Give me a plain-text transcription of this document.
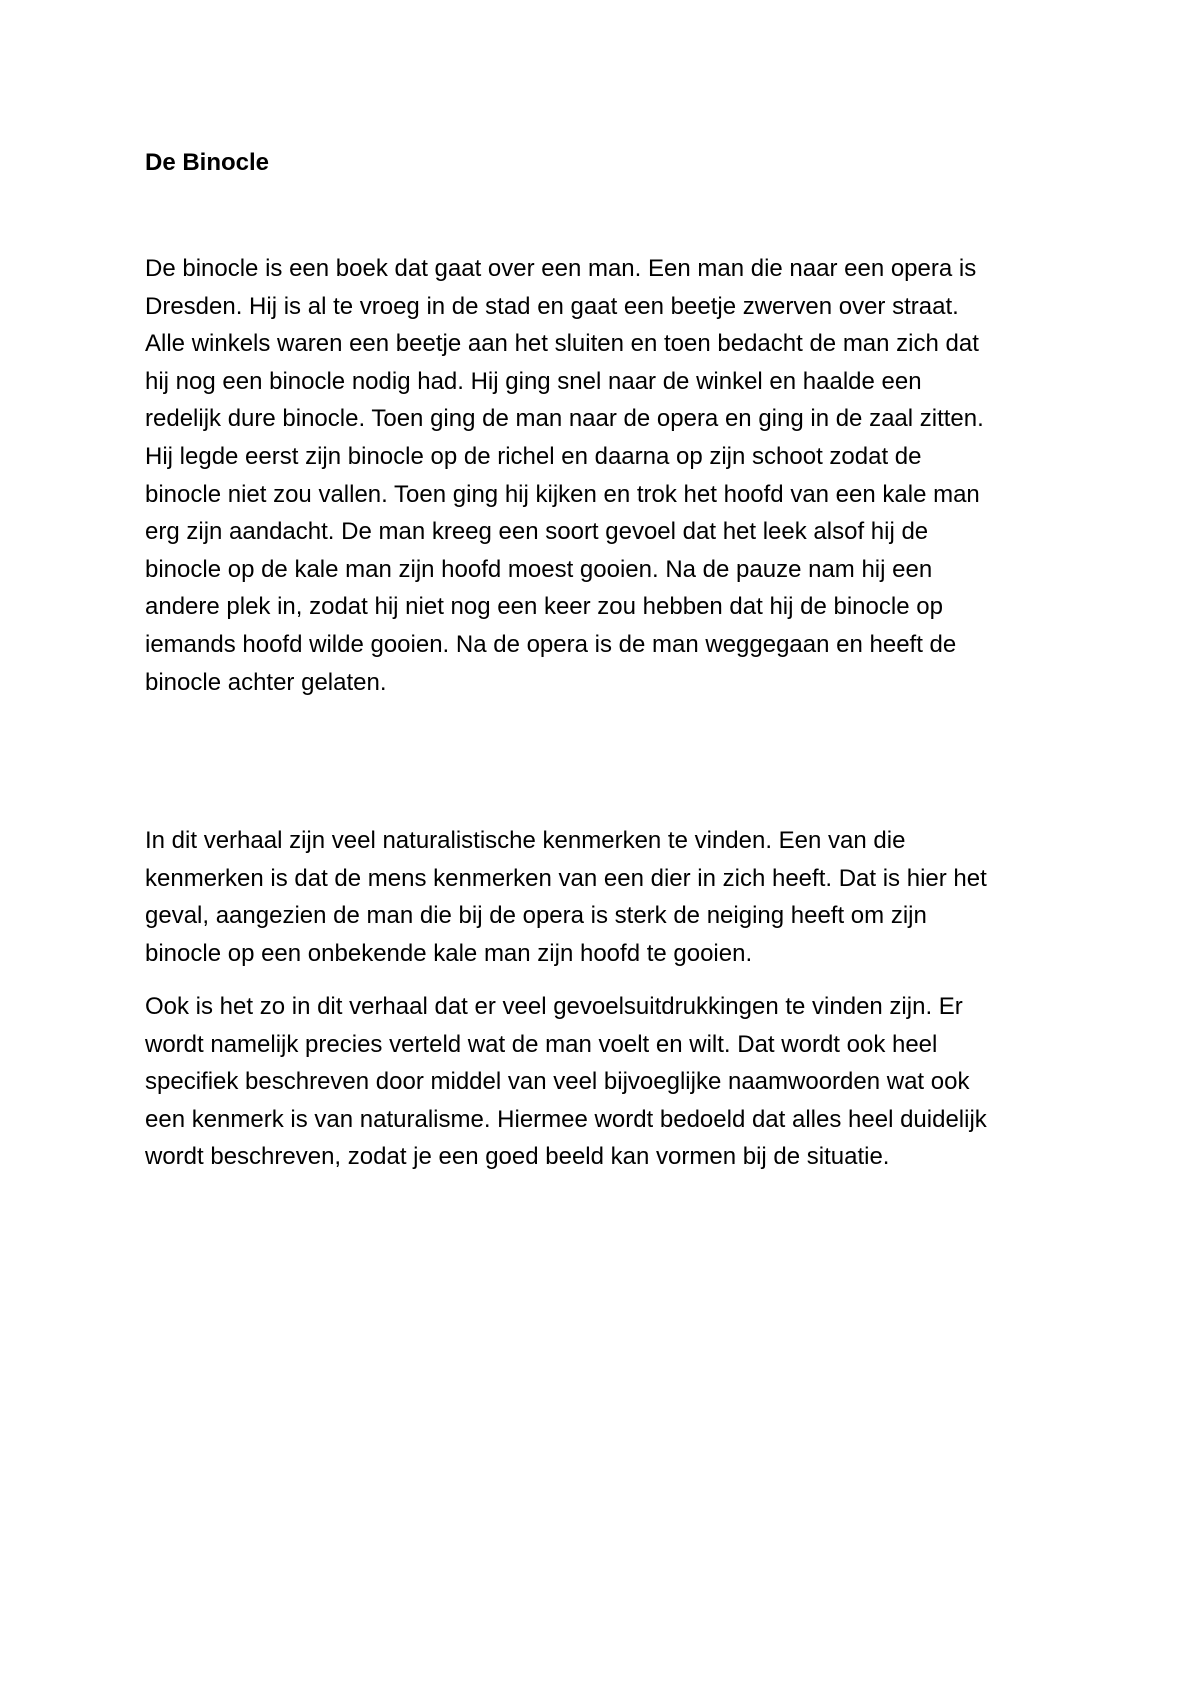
De Binocle
De binocle is een boek dat gaat over een man. Een man die naar een opera is
Dresden. Hij is al te vroeg in de stad en gaat een beetje zwerven over straat.
Alle winkels waren een beetje aan het sluiten en toen bedacht de man zich dat
hij nog een binocle nodig had. Hij ging snel naar de winkel en haalde een
redelijk dure binocle. Toen ging de man naar de opera en ging in de zaal zitten.
Hij legde eerst zijn binocle op de richel en daarna op zijn schoot zodat de
binocle niet zou vallen. Toen ging hij kijken en trok het hoofd van een kale man
erg zijn aandacht. De man kreeg een soort gevoel dat het leek alsof hij de
binocle op de kale man zijn hoofd moest gooien. Na de pauze nam hij een
andere plek in, zodat hij niet nog een keer zou hebben dat hij de binocle op
iemands hoofd wilde gooien. Na de opera is de man weggegaan en heeft de
binocle achter gelaten.
In dit verhaal zijn veel naturalistische kenmerken te vinden. Een van die
kenmerken is dat de mens kenmerken van een dier in zich heeft. Dat is hier het
geval, aangezien de man die bij de opera is sterk de neiging heeft om zijn
binocle op een onbekende kale man zijn hoofd te gooien.
Ook is het zo in dit verhaal dat er veel gevoelsuitdrukkingen te vinden zijn. Er
wordt namelijk precies verteld wat de man voelt en wilt. Dat wordt ook heel
specifiek beschreven door middel van veel bijvoeglijke naamwoorden wat ook
een kenmerk is van naturalisme. Hiermee wordt bedoeld dat alles heel duidelijk
wordt beschreven, zodat je een goed beeld kan vormen bij de situatie.
